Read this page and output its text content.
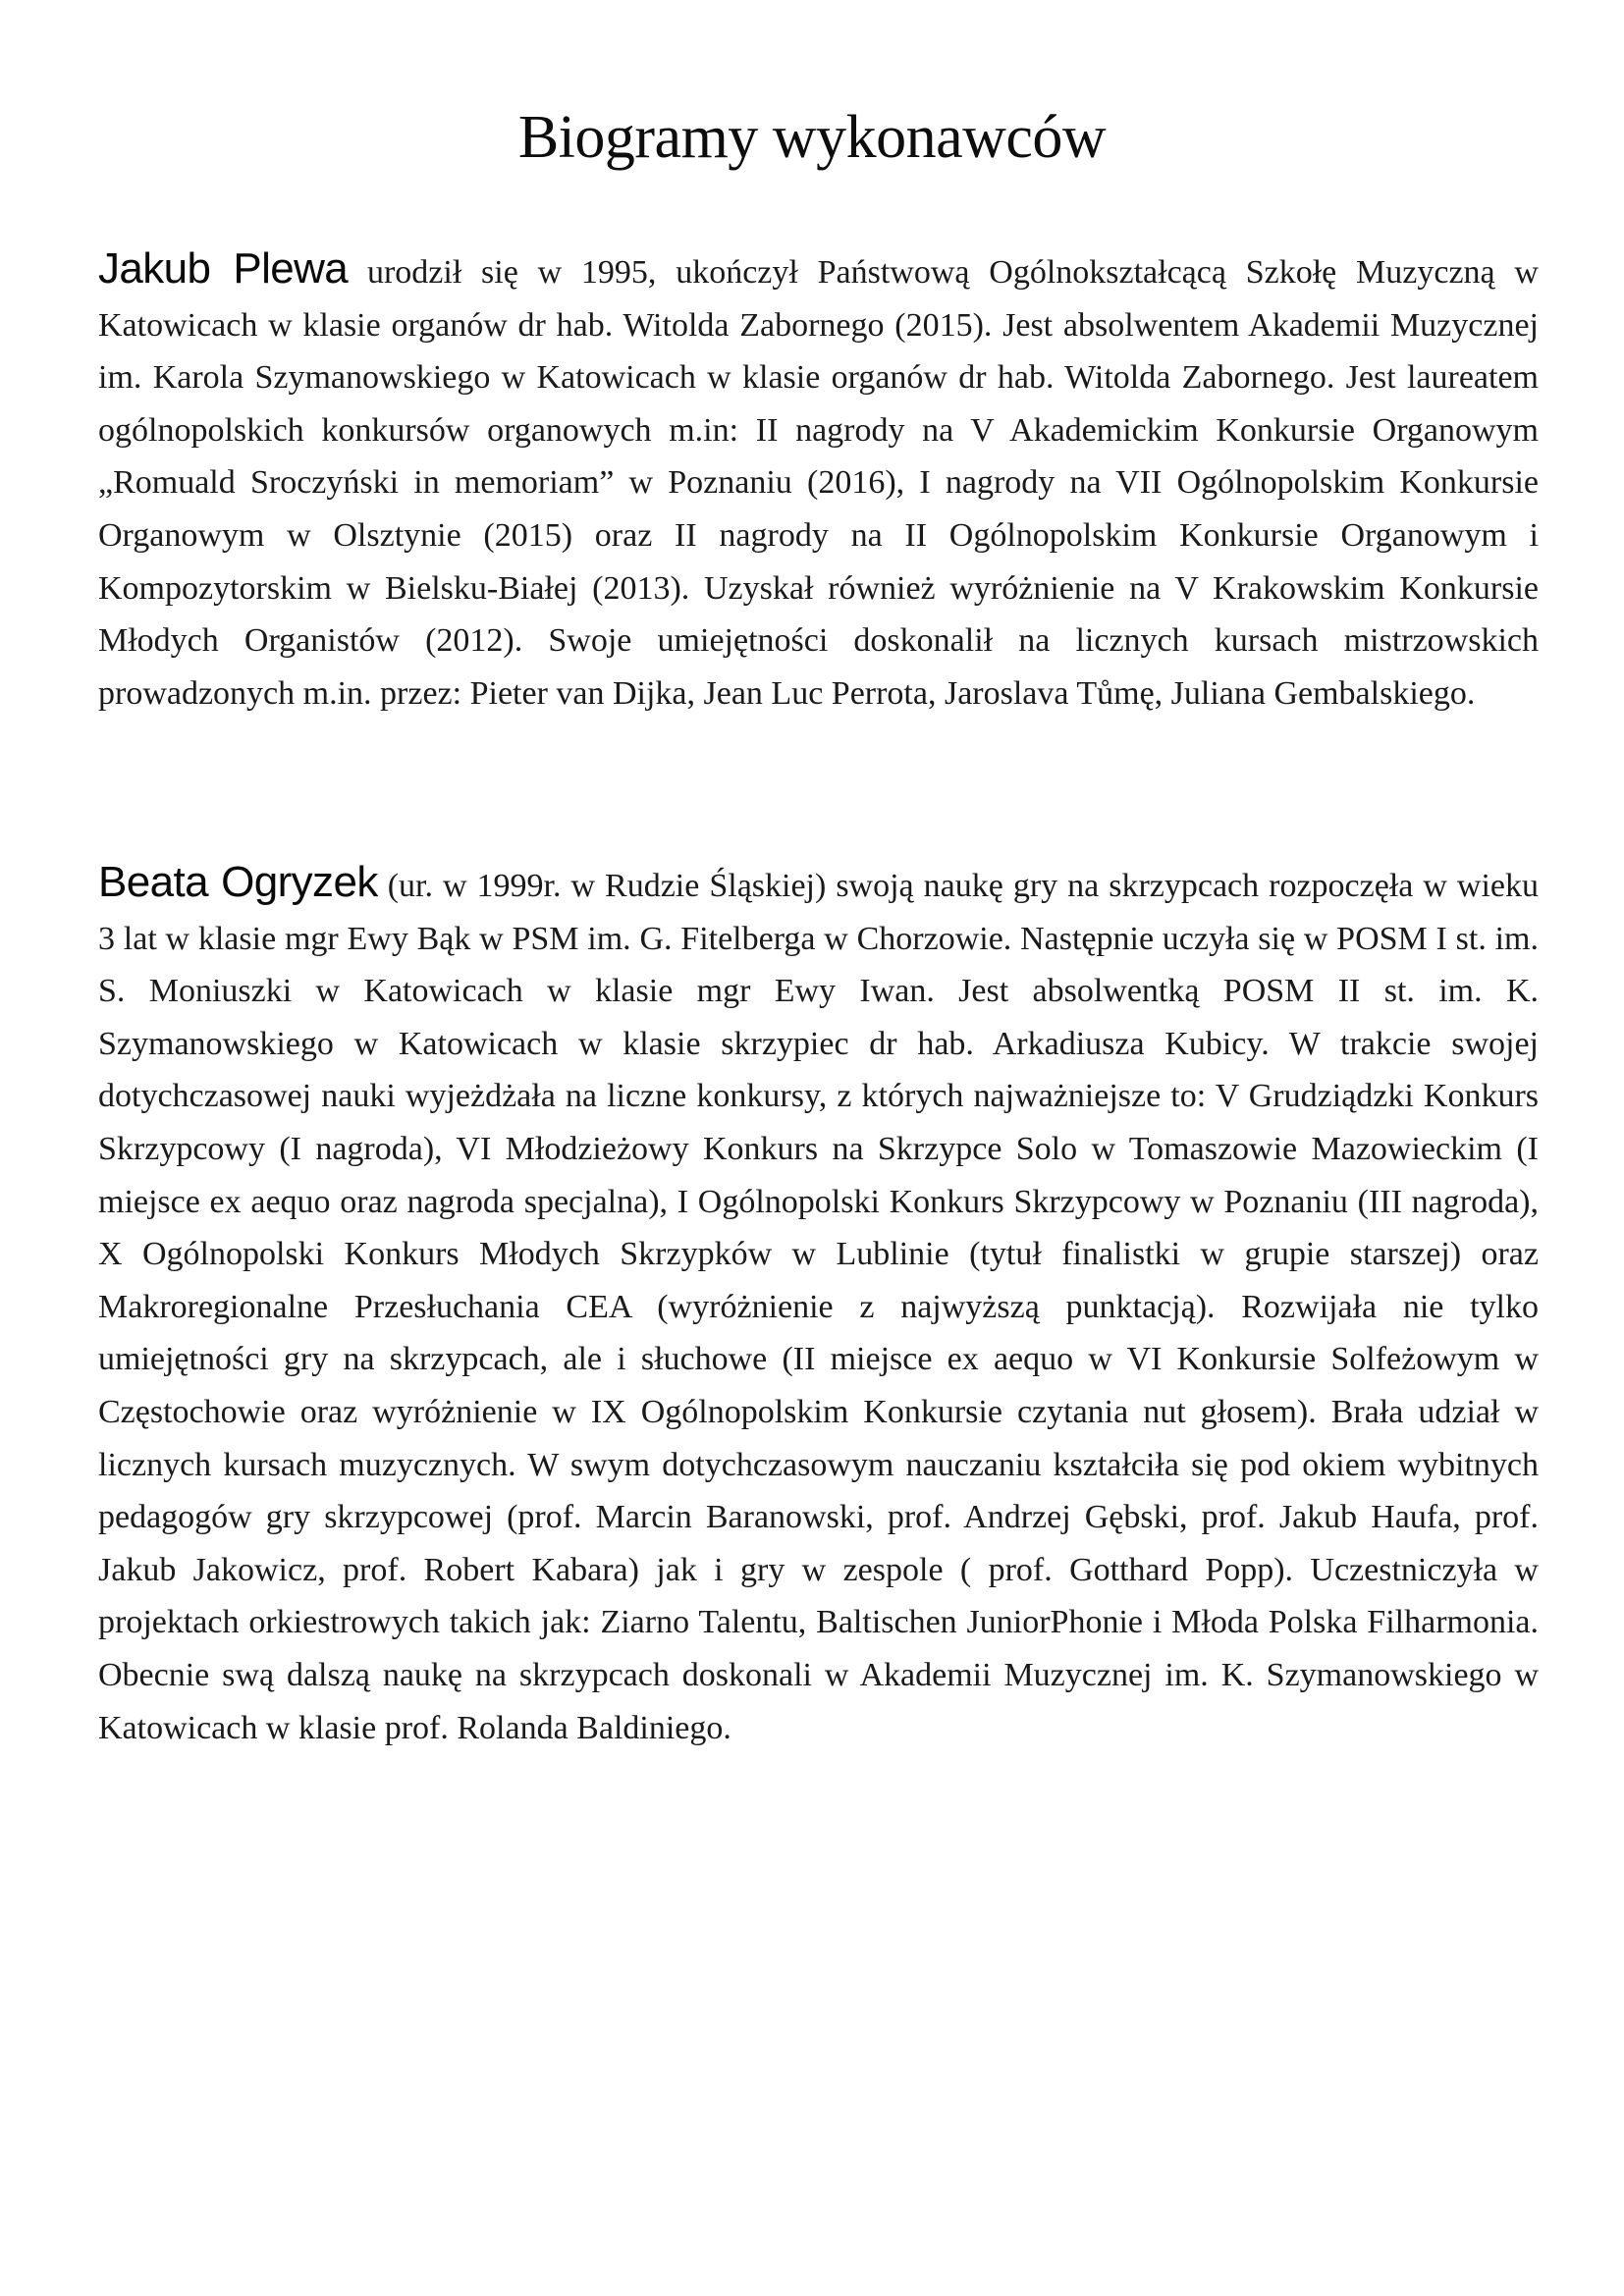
Biogramy wykonawców

Jakub Plewa urodził się w 1995, ukończył Państwową Ogólnokształcącą Szkołę Muzyczną w Katowicach w klasie organów dr hab. Witolda Zabornego (2015). Jest absolwentem Akademii Muzycznej im. Karola Szymanowskiego w Katowicach w klasie organów dr hab. Witolda Zabornego. Jest laureatem ogólnopolskich konkursów organowych m.in: II nagrody na V Akademickim Konkursie Organowym „Romuald Sroczyński in memoriam” w Poznaniu (2016), I nagrody na VII Ogólnopolskim Konkursie Organowym w Olsztynie (2015) oraz II nagrody na II Ogólnopolskim Konkursie Organowym i Kompozytorskim w Bielsku-Białej (2013). Uzyskał również wyróżnienie na V Krakowskim Konkursie Młodych Organistów (2012). Swoje umiejętności doskonalił na licznych kursach mistrzowskich prowadzonych m.in. przez: Pieter van Dijka, Jean Luc Perrota, Jaroslava Tůmę, Juliana Gembalskiego.

Beata Ogryzek (ur. w 1999r. w Rudzie Śląskiej) swoją naukę gry na skrzypcach rozpoczęła w wieku 3 lat w klasie mgr Ewy Bąk w PSM im. G. Fitelberga w Chorzowie. Następnie uczyła się w POSM I st. im. S. Moniuszki w Katowicach w klasie mgr Ewy Iwan. Jest absolwentką POSM II st. im. K. Szymanowskiego w Katowicach w klasie skrzypiec dr hab. Arkadiusza Kubicy. W trakcie swojej dotychczasowej nauki wyjeżdżała na liczne konkursy, z których najważniejsze to: V Grudziądzki Konkurs Skrzypcowy (I nagroda), VI Młodzieżowy Konkurs na Skrzypce Solo w Tomaszowie Mazowieckim (I miejsce ex aequo oraz nagroda specjalna), I Ogólnopolski Konkurs Skrzypcowy w Poznaniu (III nagroda), X Ogólnopolski Konkurs Młodych Skrzypków w Lublinie (tytuł finalistki w grupie starszej) oraz Makroregionalne Przesłuchania CEA (wyróżnienie z najwyższą punktacją). Rozwijała nie tylko umiejętności gry na skrzypcach, ale i słuchowe (II miejsce ex aequo w VI Konkursie Solfeżowym w Częstochowie oraz wyróżnienie w IX Ogólnopolskim Konkursie czytania nut głosem). Brała udział w licznych kursach muzycznych. W swym dotychczasowym nauczaniu kształciła się pod okiem wybitnych pedagogów gry skrzypcowej (prof. Marcin Baranowski, prof. Andrzej Gębski, prof. Jakub Haufa, prof. Jakub Jakowicz, prof. Robert Kabara) jak i gry w zespole ( prof. Gotthard Popp). Uczestniczyła w projektach orkiestrowych takich jak: Ziarno Talentu, Baltischen JuniorPhonie i Młoda Polska Filharmonia. Obecnie swą dalszą naukę na skrzypcach doskonali w Akademii Muzycznej im. K. Szymanowskiego w Katowicach w klasie prof. Rolanda Baldiniego.
